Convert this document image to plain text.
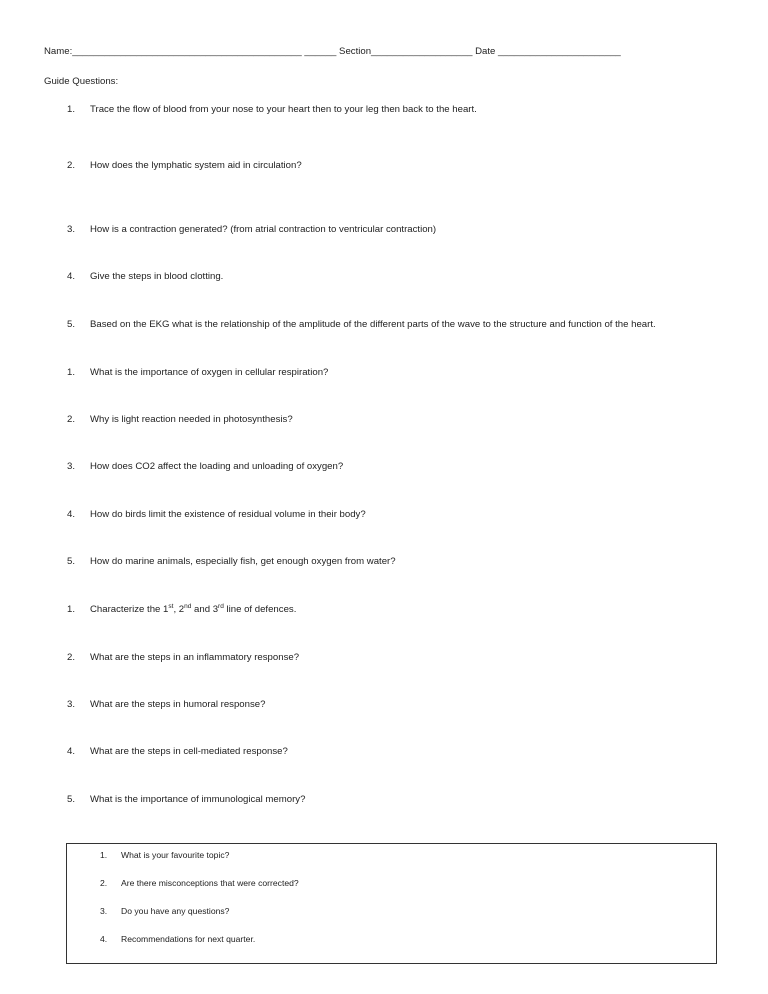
Name:___________________________________________ ______ Section___________________ Date _______________________
Guide Questions:
1.	Trace the flow of blood from your nose to your heart then to your leg then back to the heart.
2.	How does the lymphatic system aid in circulation?
3.	How is a contraction generated? (from atrial contraction to ventricular contraction)
4.	Give the steps in blood clotting.
5.	Based on the EKG what is the relationship of the amplitude of the different parts of the wave to the structure and function of the heart.
1.	What is the importance of oxygen in cellular respiration?
2.	Why is light reaction needed in photosynthesis?
3.	How does CO2 affect the loading and unloading of oxygen?
4.	How do birds limit the existence of residual volume in their body?
5.	How do marine animals, especially fish, get enough oxygen from water?
1.	Characterize the 1st, 2nd and 3rd line of defences.
2.	What are the steps in an inflammatory response?
3.	What are the steps in humoral response?
4.	What are the steps in cell-mediated response?
5.	What is the importance of immunological memory?
1. What is your favourite topic?
2. Are there misconceptions that were corrected?
3. Do you have any questions?
4. Recommendations for next quarter.
